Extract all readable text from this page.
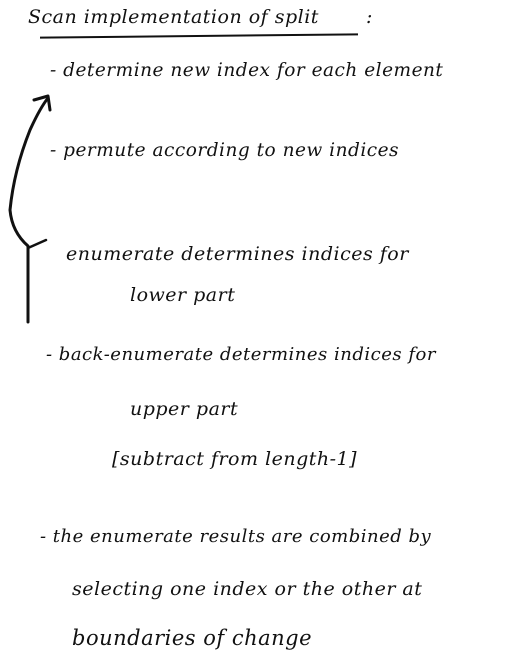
Scan implementation of split :
- determine new index for each element
- permute according to new indices
enumerate determines indices for
lower part
- back-enumerate determines indices for
upper part
[subtract from length-1]
- the enumerate results are combined by
selecting one index or the other at
boundaries of change
